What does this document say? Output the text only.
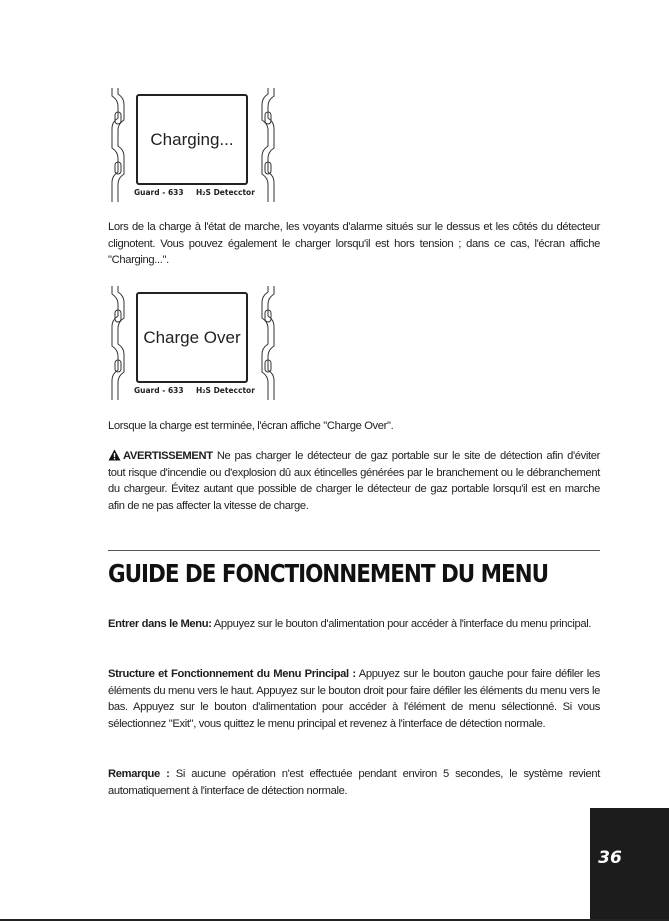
Charging...
Guard - 633 H₂S Detecctor

Lors de la charge à l'état de marche, les voyants d'alarme situés sur le dessus et les côtés du détecteur clignotent. Vous pouvez également le charger lorsqu'il est hors tension ; dans ce cas, l'écran affiche "Charging...".

Charge Over
Guard - 633 H₂S Detecctor

Lorsque la charge est terminée, l'écran affiche "Charge Over".

AVERTISSEMENT Ne pas charger le détecteur de gaz portable sur le site de détection afin d'éviter tout risque d'incendie ou d'explosion dû aux étincelles générées par le branchement ou le débranchement du chargeur. Évitez autant que possible de charger le détecteur de gaz portable lorsqu'il est en marche afin de ne pas affecter la vitesse de charge.

GUIDE DE FONCTIONNEMENT DU MENU

Entrer dans le Menu: Appuyez sur le bouton d'alimentation pour accéder à l'interface du menu principal.

Structure et Fonctionnement du Menu Principal : Appuyez sur le bouton gauche pour faire défiler les éléments du menu vers le haut. Appuyez sur le bouton droit pour faire défiler les éléments du menu vers le bas. Appuyez sur le bouton d'alimentation pour accéder à l'élément de menu sélectionné. Si vous sélectionnez "Exit", vous quittez le menu principal et revenez à l'interface de détection normale.

Remarque : Si aucune opération n'est effectuée pendant environ 5 secondes, le système revient automatiquement à l'interface de détection normale.

36
